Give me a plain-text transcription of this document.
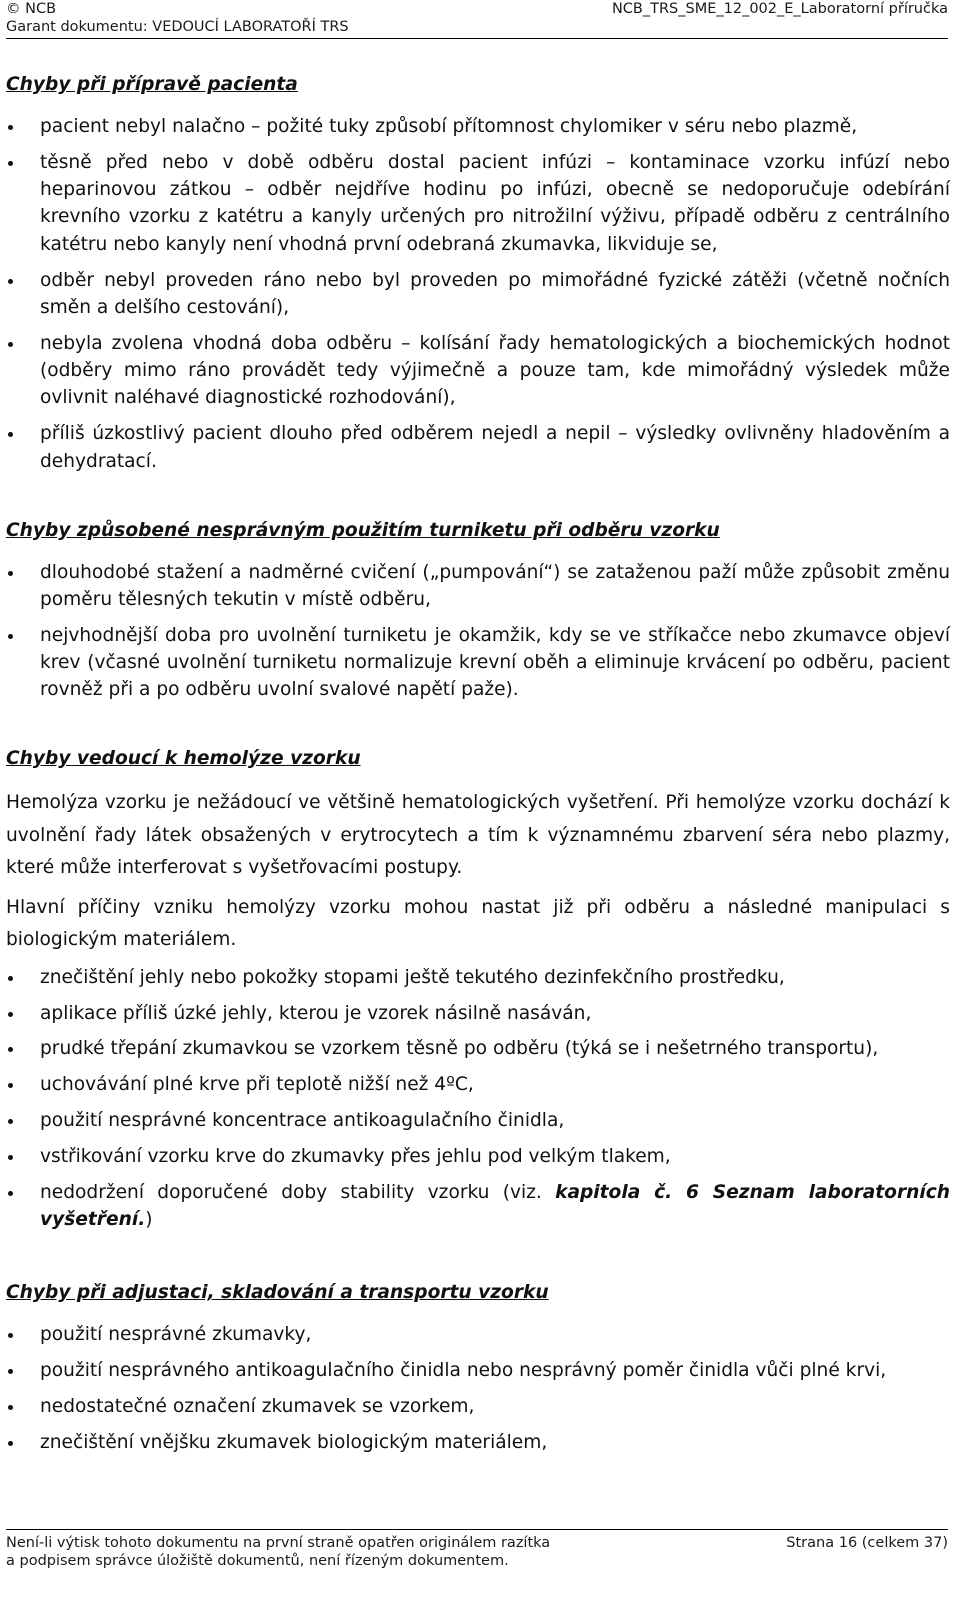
© NCB	NCB_TRS_SME_12_002_E_Laboratorní příručka
Garant dokumentu: VEDOUCÍ LABORATOŘÍ TRS
Chyby při přípravě pacienta
pacient nebyl nalačno – požité tuky způsobí přítomnost chylomiker v séru nebo plazmě,
těsně před nebo v době odběru dostal pacient infúzi – kontaminace vzorku infúzí nebo heparinovou zátkou – odběr nejdříve hodinu po infúzi, obecně se nedoporučuje odebírání krevního vzorku z katétru a kanyly určených pro nitrožilní výživu, případě odběru z centrálního katétru nebo kanyly není vhodná první odebraná zkumavka, likviduje se,
odběr nebyl proveden ráno nebo byl proveden po mimořádné fyzické zátěži (včetně nočních směn a delšího cestování),
nebyla zvolena vhodná doba odběru – kolísání řady hematologických a biochemických hodnot (odběry mimo ráno provádět tedy výjimečně a pouze tam, kde mimořádný výsledek může ovlivnit naléhavé diagnostické rozhodování),
příliš úzkostlivý pacient dlouho před odběrem nejedl a nepil – výsledky ovlivněny hladověním a dehydratací.
Chyby způsobené nesprávným použitím turniketu při odběru vzorku
dlouhodobé stažení a nadměrné cvičení („pumpování“) se zataženou paží může způsobit změnu poměru tělesných tekutin v místě odběru,
nejvhodnější doba pro uvolnění turniketu je okamžik, kdy se ve stříkačce nebo zkumavce objeví krev (včasné uvolnění turniketu normalizuje krevní oběh a eliminuje krvácení po odběru, pacient rovněž při a po odběru uvolní svalové napětí paže).
Chyby vedoucí k hemolýze vzorku

Hemolýza vzorku je nežádoucí ve většině hematologických vyšetření. Při hemolýze vzorku dochází k uvolnění řady látek obsažených v erytrocytech a tím k významnému zbarvení séra nebo plazmy, které může interferovat s vyšetřovacími postupy.

Hlavní příčiny vzniku hemolýzy vzorku mohou nastat již při odběru a následné manipulaci s biologickým materiálem.

znečištění jehly nebo pokožky stopami ještě tekutého dezinfekčního prostředku,
aplikace příliš úzké jehly, kterou je vzorek násilně nasáván,
prudké třepání zkumavkou se vzorkem těsně po odběru (týká se i nešetrného transportu),
uchovávání plné krve při teplotě nižší než 4ºC,
použití nesprávné koncentrace antikoagulačního činidla,
vstřikování vzorku krve do zkumavky přes jehlu pod velkým tlakem,
nedodržení doporučené doby stability vzorku (viz. kapitola č. 6 Seznam laboratorních vyšetření.)
Chyby při adjustaci, skladování a transportu vzorku
použití nesprávné zkumavky,
použití nesprávného antikoagulačního činidla nebo nesprávný poměr činidla vůči plné krvi,
nedostatečné označení zkumavek se vzorkem,
znečištění vnějšku zkumavek biologickým materiálem,
Není-li výtisk tohoto dokumentu na první straně opatřen originálem razítka	Strana 16 (celkem 37)
a podpisem správce úložiště dokumentů, není řízeným dokumentem.
